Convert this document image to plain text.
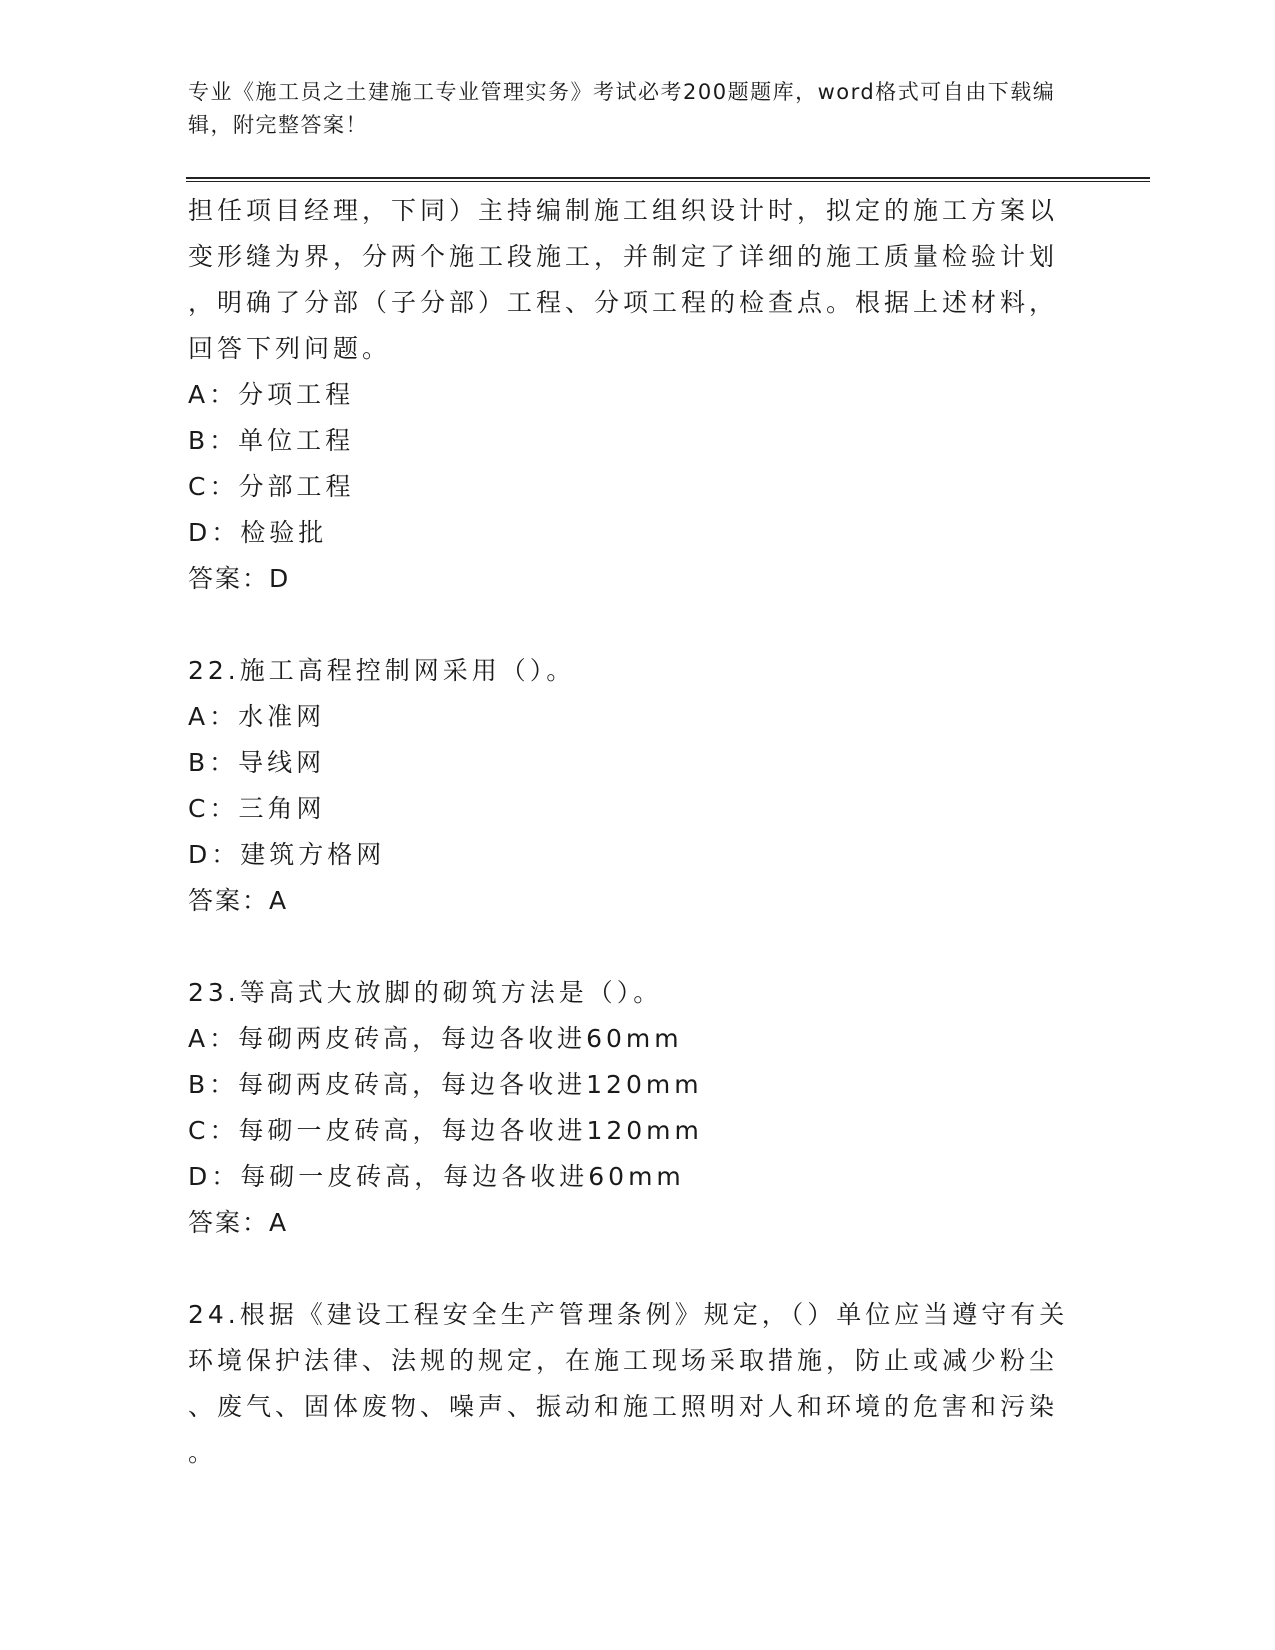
专业《施工员之土建施工专业管理实务》考试必考200题题库，word格式可自由下载编辑，附完整答案！
担任项目经理，下同）主持编制施工组织设计时，拟定的施工方案以
变形缝为界，分两个施工段施工，并制定了详细的施工质量检验计划
，明确了分部（子分部）工程、分项工程的检查点。根据上述材料，
回答下列问题。
A：分项工程
B：单位工程
C：分部工程
D：检验批
答案：D
22.施工高程控制网采用（）。
A：水准网
B：导线网
C：三角网
D：建筑方格网
答案：A
23.等高式大放脚的砌筑方法是（）。
A：每砌两皮砖高，每边各收进60mm
B：每砌两皮砖高，每边各收进120mm
C：每砌一皮砖高，每边各收进120mm
D：每砌一皮砖高，每边各收进60mm
答案：A
24.根据《建设工程安全生产管理条例》规定，（）单位应当遵守有关
环境保护法律、法规的规定，在施工现场采取措施，防止或减少粉尘
、废气、固体废物、噪声、振动和施工照明对人和环境的危害和污染
。
